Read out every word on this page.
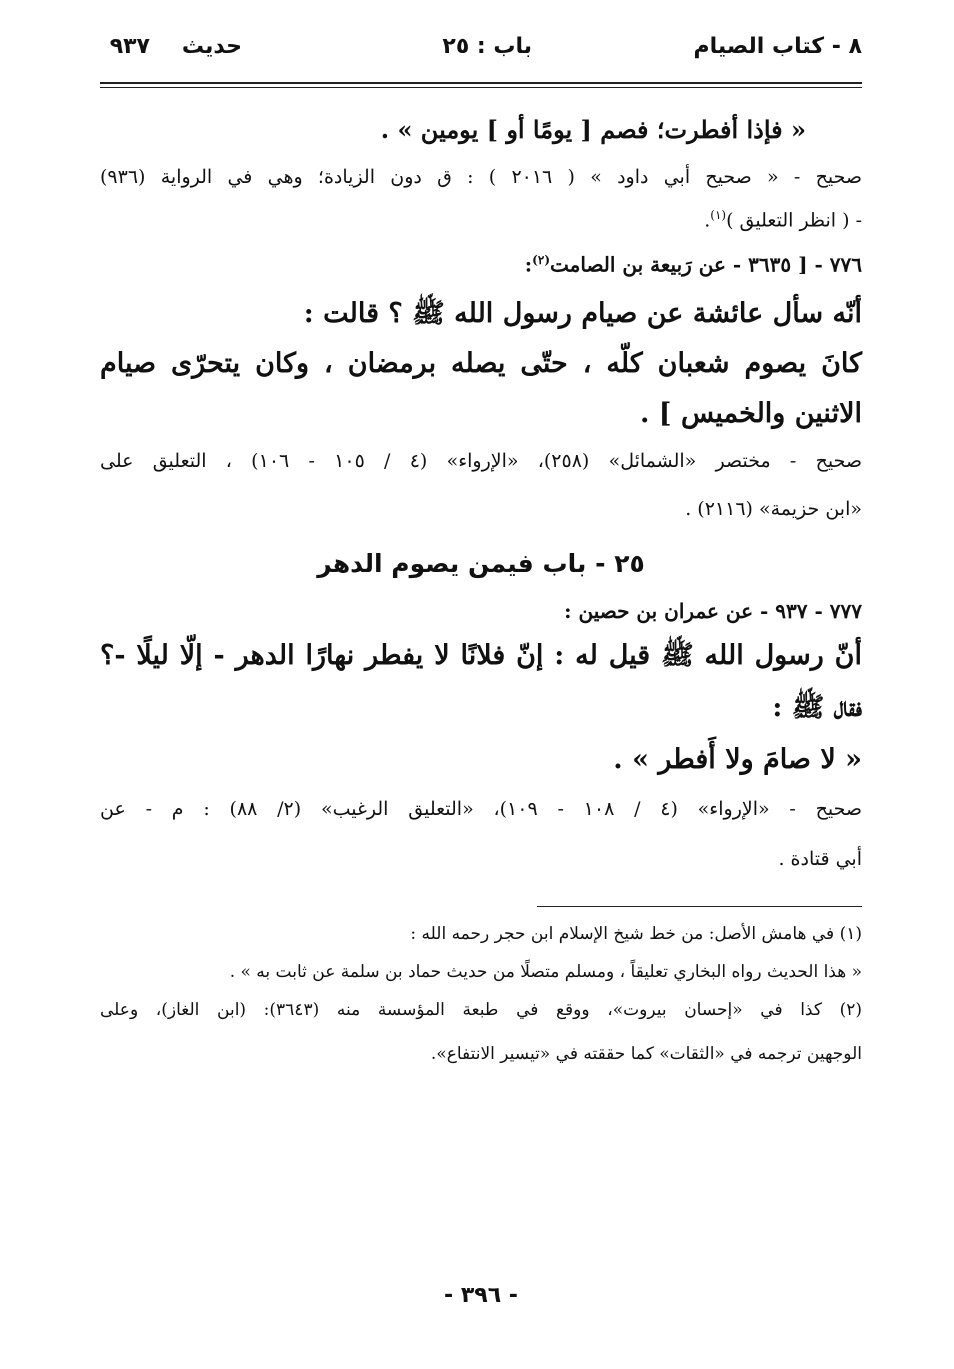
٨ - كتاب الصيام
باب : ٢٥
حديث
٩٣٧

« فإذا أفطرت؛ فصم [ يومًا أو ] يومين » .

صحيح - « صحيح أبي داود » ( ٢٠١٦ ) : ق دون الزيادة؛ وهي في الرواية (٩٣٦)

- ( انظر التعليق )$^{(١)}$.

٧٧٦ - [ ٣٦٣٥ - عن رَبيعة بن الصامت$^{(٢)}$:

أنّه سأل عائشة عن صيام رسول الله ﷺ ؟ قالت :

كانَ يصوم شعبان كلّه ، حتّى يصله برمضان ، وكان يتحرّى صيام

الاثنين والخميس ] .

صحيح - مختصر «الشمائل» (٢٥٨)، «الإرواء» (٤ / ١٠٥ - ١٠٦) ، التعليق على

«ابن حزيمة» (٢١١٦) .

٢٥ - باب فيمن يصوم الدهر

٧٧٧ - ٩٣٧ - عن عمران بن حصين :

أنّ رسول الله ﷺ قيل له : إنّ فلانًا لا يفطر نهارًا الدهر - إلّا ليلًا -؟

فقال ﷺ :

« لا صامَ ولا أَفطر » .

صحيح - «الإرواء» (٤ / ١٠٨ - ١٠٩)، «التعليق الرغيب» (٢/ ٨٨) : م - عن

أبي قتادة .

(١) في هامش الأصل: من خط شيخ الإسلام ابن حجر رحمه الله :

« هذا الحديث رواه البخاري تعليقاً ، ومسلم متصلًا من حديث حماد بن سلمة عن ثابت به » .

(٢) كذا في «إحسان بيروت»، ووقع في طبعة المؤسسة منه (٣٦٤٣): (ابن الغاز)، وعلى

الوجهين ترجمه في «الثقات» كما حققته في «تيسير الانتفاع».

- ٣٩٦ -
